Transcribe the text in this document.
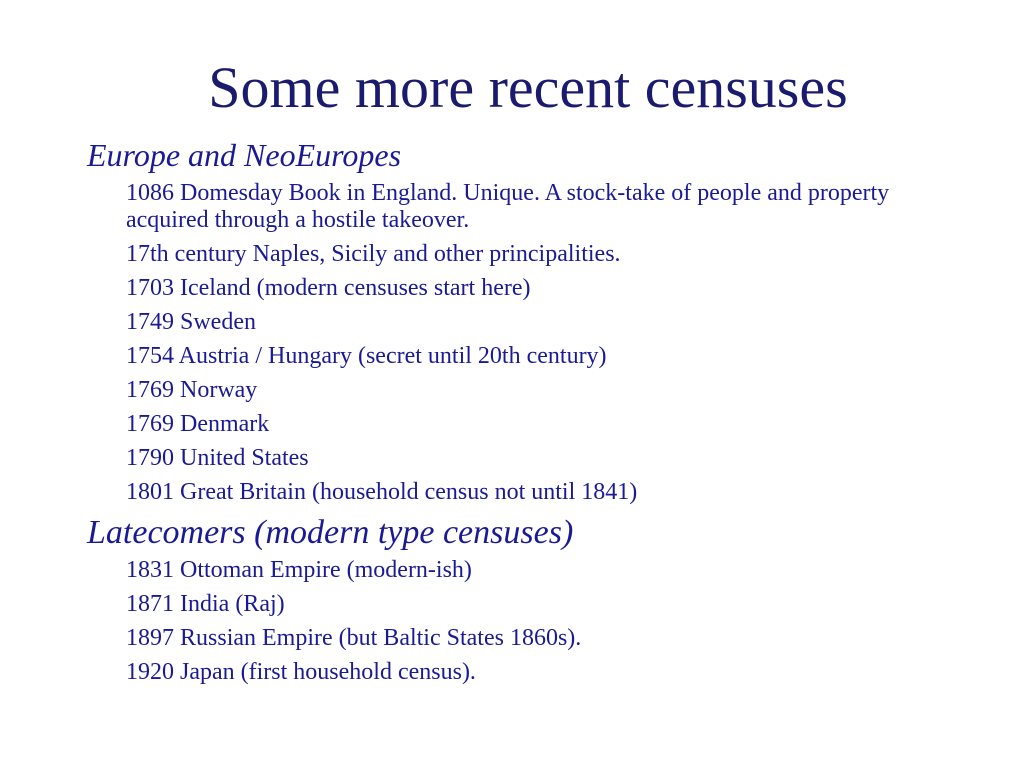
Some more recent censuses

Europe and NeoEuropes

1086 Domesday Book in England. Unique. A stock-take of people and property acquired through a hostile takeover.
17th century Naples, Sicily and other principalities.
1703 Iceland (modern censuses start here)
1749 Sweden
1754 Austria / Hungary (secret until 20th century)
1769 Norway
1769 Denmark
1790 United States
1801 Great Britain (household census not until 1841)

Latecomers (modern type censuses)

1831 Ottoman Empire (modern-ish)
1871 India (Raj)
1897 Russian Empire (but Baltic States 1860s).
1920 Japan (first household census).
